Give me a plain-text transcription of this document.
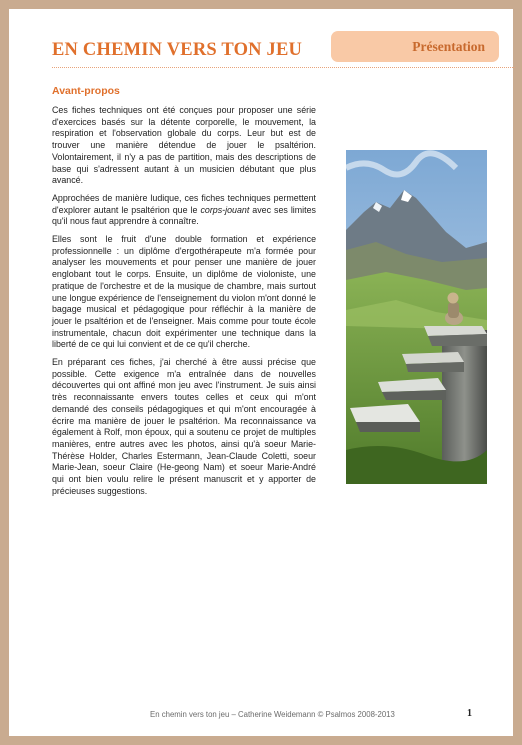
EN CHEMIN VERS TON JEU	Présentation
Avant-propos

Ces fiches techniques ont été conçues pour proposer une série d'exercices basés sur la détente corporelle, le mouvement, la respiration et l'observation globale du corps. Leur but est de trouver une manière détendue de jouer le psaltérion. Volontairement, il n'y a pas de partition, mais des descriptions de base qui s'adressent autant à un musicien débutant que plus avancé.

Approchées de manière ludique, ces fiches techniques permettent d'explorer autant le psaltérion que le corps-jouant avec ses limites qu'il nous faut apprendre à connaître.

Elles sont le fruit d'une double formation et expérience professionnelle : un diplôme d'ergothérapeute m'a formée pour analyser les mouvements et pour penser une manière de jouer englobant tout le corps. Ensuite, un diplôme de violoniste, une pratique de l'orchestre et de la musique de chambre, mais surtout une longue expérience de l'enseignement du violon m'ont donné le bagage musical et pédagogique pour réfléchir à la manière de jouer le psaltérion et de l'enseigner. Mais comme pour toute école instrumentale, chacun doit expérimenter une technique dans la liberté de ce qui lui convient et de ce qu'il cherche.

En préparant ces fiches, j'ai cherché à être aussi précise que possible. Cette exigence m'a entraînée dans de nouvelles découvertes qui ont affiné mon jeu avec l'instrument. Je suis ainsi très reconnaissante envers toutes celles et ceux qui m'ont demandé des conseils pédagogiques et qui m'ont encouragée à écrire ma manière de jouer le psaltérion. Ma reconnaissance va également à Rolf, mon époux, qui a soutenu ce projet de multiples manières, entre autres avec les photos, ainsi qu'à soeur Marie-Thérèse Holder, Charles Estermann, Jean-Claude Coletti, soeur Marie-Jean, soeur Claire (He-geong Nam) et soeur Marie-André qui ont bien voulu relire le présent manuscrit et y apporter de précieuses suggestions.

En chemin vers ton jeu – Catherine Weidemann © Psalmos 2008-2013	1
